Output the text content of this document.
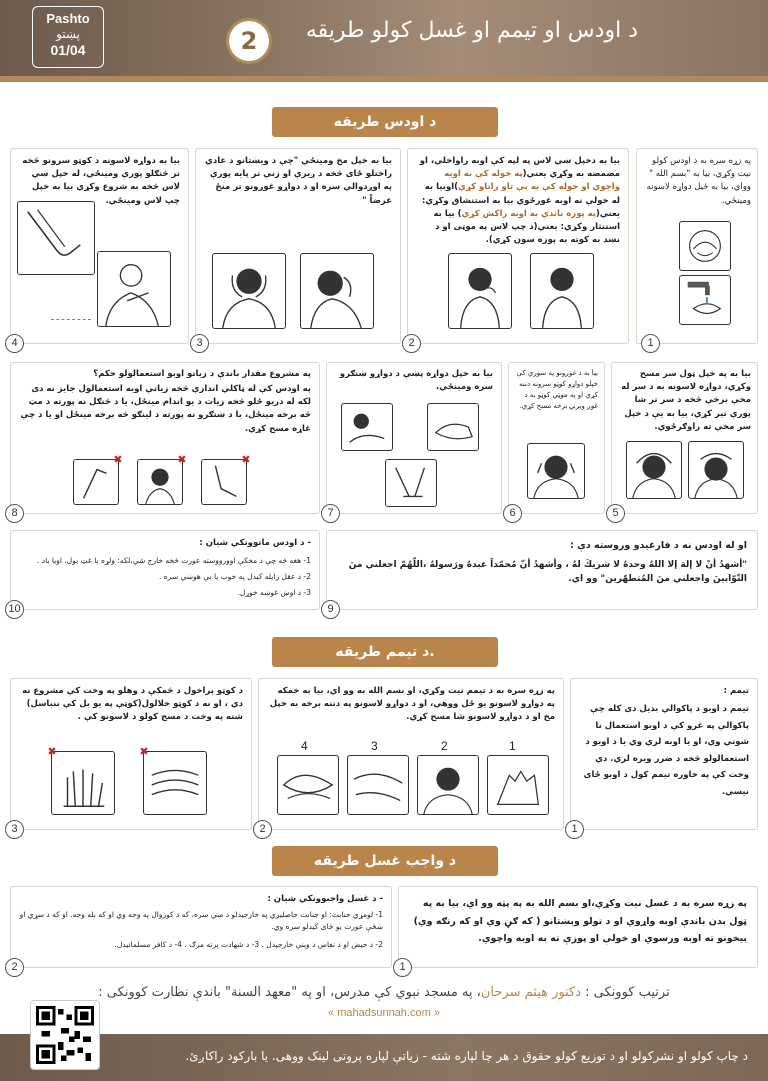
Pashto
پښتو
01/04	2	د اودس او تیمم او غسل کولو طریقه
د اودس طریقه
په زړه سره به د اودس کولو نیت وکړي، بیا به "بسم الله " وواي، بیا به ځیل دواړه لاسونه ومينځي.
1
بیا به دخپل ښي لاس په لپه کې اوبه راواخلي، او مضمضه به وکړي يعني(په خوله کې به اوبه واچوي او خوله کې به يې تاو راتاو کړي)اوبیا به له خولې نه اوبه غورځوي بیا به استنشاق وکړي: يعني(په پوزه باندې به اوبه راکش کړي) بیا به استنثار وکړي: يعني(د چپ لاس په موټی او د نښد به کوته به پوزه سون کړي).
2
بیا به خپل مخ ومینځي "چې د ویښتانو د عادي راختلو ځای څخه د ږيرې او زنې تر پايه پورې په اوږدوالي سره او د دواړو غوږونو تر منځ عرضاً "
3
بیا به دواړه لاسونه د کوټو سرونو څخه تر څنګلو پورې ومينځي، له خپل ښي لاس څخه به شروع وکړي بیا به خپل چپ لاس ومینځي.
4
بیا به په خپل ټول سر مسح وکړي، دواړه لاسونه به د سر له مخې برخې څخه د سر تر شا پورې تیر کړي، بیا به يې د خپل سر مخې ته راوګرځوي.
5
بیا به د غوږونو په سوري کې خپلو دواړو کوټو سرونه دننه کړي او په موټي کوټو به د غوږ وبرنۍ برخه مسح کړي.
6
بیا به خپل دواړه پښې د دواړو ښنګرو سره ومینځي.
7
په مشروع مقدار باندې د زیاتو اوبو استعمالولو حکم؟
په اودس کې له ټاکلي اندازې څخه زیاتې اوبه استعمالول جایز نه دی لکه له دريو ځلو څخه زیات د یو اندام مینځل، یا د څنګل نه پورته د مټ څه برخه مینځل، یا د ښنګرو نه پورته د لینګو څه برخه مینځل او یا د چې غاړه مسح کړي.
✖	✖	✖
8
او له اودس نه د فارغیدو وروسته دې :
"أشهدُ أنْ لا إلهَ إلا اللهُ وحدهُ لا شريكَ لهُ ، وأشهدُ أنّ مُحمّداً عبدهُ ورَسولهُ ،اللّهُمّ اجعلني منَ التّوّابينَ واجعلني منَ المُتطهّرين" وو اي.
9
- د اودس ماتوونکي شيان :
1- هغه څه چې د مخکې اوورووسته عورت څخه خارج شي،لکه: ولړه یا غټ بول، اويا باد .
2- د عقل زايله كيدل په خوب يا بې هوښي سره .
3- د اوښ غوښه خوړل.
10
د تیمم طریقه.
تیمم :
تیمم د اوبو د پاکوالي بدیل دی کله چې پاکوالې په غرو کې د اوبو استعمال نا شوني وي، او یا اوبه لري وي یا د اوبو د استعمالولو څخه د ضرر ویره لري. دي وخت کې په خاوره تیمم کول د اوبو ځای نیسي.
1
په زړه سره به د تیمم نیت وکړي، او بسم الله به وو اي، بیا به خمکه په دواړو لاسونو یو ځل ووهي، او د دواړو لاسونو په دننه برخه به خپل مخ او د دواړو لاسونو شا مسح کړي.
4	3	2	1
2
د کوټو پراخول د څمکې د وهلو په وخت کې مشروع نه دي ، او نه د کوټو خلالول(کوټې په یو بل کې ننباسل) شنه په وخت د مسح کولو د لاسونو کې .
✖	✖
3
د واجب غسل طریقه
په زړه سره به د غسل نیت وکړي،او بسم الله به په پټه وو اي، بیا به په ټول بدن باندې اوبه واړوي او د تولو وېښتانو ( که ګڼ وي او که رنګه وي) بیخونو ته اوبه ورسوي او خولې او پوزې ته به اوبه واچوي.
1
- د غسل واجبوونکي شيان :
1- لومړي جنابت: او جنابت حاصلیږي په خارجیدلو د مني سره، که د کوزوال په وجه وي او که بله وجه. او که د سړي او ښځې عورت یو ځای کیدلو سره وي.
2- د حیض او د نفاس د وینې خارجیدل . 3- د شهادت پرته مرګ . 4- د کافر مسلمانيدل.
2
ترتیب کوونکی : دکتور هیثم سرحان، په مسجد نبوي کې مدرس، او په "معهد السنة" باندې نظارت کوونکی :
« mahadsunnah.com »
د چاپ کولو او نشرکولو او د توزیع کولو حقوق د هر چا لپاره شته - زیاتې لپاره پروتی لینک ووهی. یا بارکود راکاږئ.
